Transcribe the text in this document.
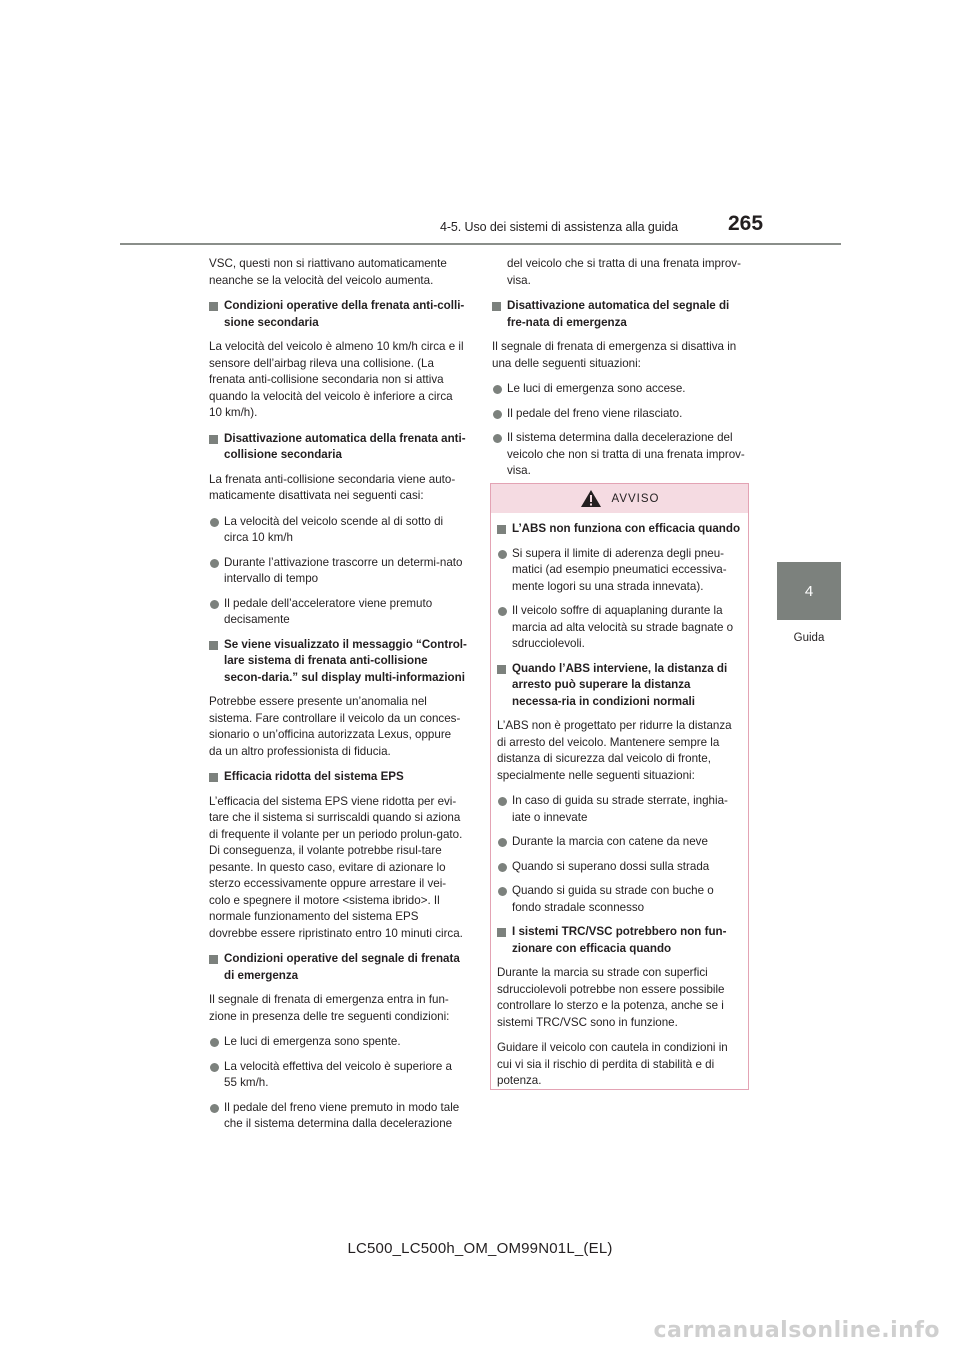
4-5. Uso dei sistemi di assistenza alla guida	265
4
Guida

VSC, questi non si riattivano automaticamente neanche se la velocità del veicolo aumenta.

Condizioni operative della frenata anti-colli-sione secondaria

La velocità del veicolo è almeno 10 km/h circa e il sensore dell’airbag rileva una collisione. (La frenata anti-collisione secondaria non si attiva quando la velocità del veicolo è inferiore a circa 10 km/h).

Disattivazione automatica della frenata anti-collisione secondaria

La frenata anti-collisione secondaria viene auto-maticamente disattivata nei seguenti casi:

La velocità del veicolo scende al di sotto di circa 10 km/h
Durante l’attivazione trascorre un determi-nato intervallo di tempo
Il pedale dell’acceleratore viene premuto decisamente
Se viene visualizzato il messaggio “Control-lare sistema di frenata anti-collisione secon-daria.” sul display multi-informazioni

Potrebbe essere presente un’anomalia nel sistema. Fare controllare il veicolo da un conces-sionario o un’officina autorizzata Lexus, oppure da un altro professionista di fiducia.

Efficacia ridotta del sistema EPS

L’efficacia del sistema EPS viene ridotta per evi-tare che il sistema si surriscaldi quando si aziona di frequente il volante per un periodo prolun-gato. Di conseguenza, il volante potrebbe risul-tare pesante. In questo caso, evitare di azionare lo sterzo eccessivamente oppure arrestare il vei-colo e spegnere il motore <sistema ibrido>. Il normale funzionamento del sistema EPS dovrebbe essere ripristinato entro 10 minuti circa.

Condizioni operative del segnale di frenata di emergenza

Il segnale di frenata di emergenza entra in fun-zione in presenza delle tre seguenti condizioni:

Le luci di emergenza sono spente.
La velocità effettiva del veicolo è superiore a 55 km/h.
Il pedale del freno viene premuto in modo tale che il sistema determina dalla decelerazione

del veicolo che si tratta di una frenata improv-visa.

Disattivazione automatica del segnale di fre-nata di emergenza

Il segnale di frenata di emergenza si disattiva in una delle seguenti situazioni:

Le luci di emergenza sono accese.
Il pedale del freno viene rilasciato.
Il sistema determina dalla decelerazione del veicolo che non si tratta di una frenata improv-visa.
AVVISO
L’ABS non funziona con efficacia quando
Si supera il limite di aderenza degli pneu-matici (ad esempio pneumatici eccessiva-mente logori su una strada innevata).
Il veicolo soffre di aquaplaning durante la marcia ad alta velocità su strade bagnate o sdrucciolevoli.
Quando l’ABS interviene, la distanza di arresto può superare la distanza necessa-ria in condizioni normali

L’ABS non è progettato per ridurre la distanza di arresto del veicolo. Mantenere sempre la distanza di sicurezza dal veicolo di fronte, specialmente nelle seguenti situazioni:

In caso di guida su strade sterrate, inghia-iate o innevate
Durante la marcia con catene da neve
Quando si superano dossi sulla strada
Quando si guida su strade con buche o fondo stradale sconnesso
I sistemi TRC/VSC potrebbero non fun-zionare con efficacia quando

Durante la marcia su strade con superfici sdrucciolevoli potrebbe non essere possibile controllare lo sterzo e la potenza, anche se i sistemi TRC/VSC sono in funzione.

Guidare il veicolo con cautela in condizioni in cui vi sia il rischio di perdita di stabilità e di potenza.

LC500_LC500h_OM_OM99N01L_(EL)
carmanualsonline.info
